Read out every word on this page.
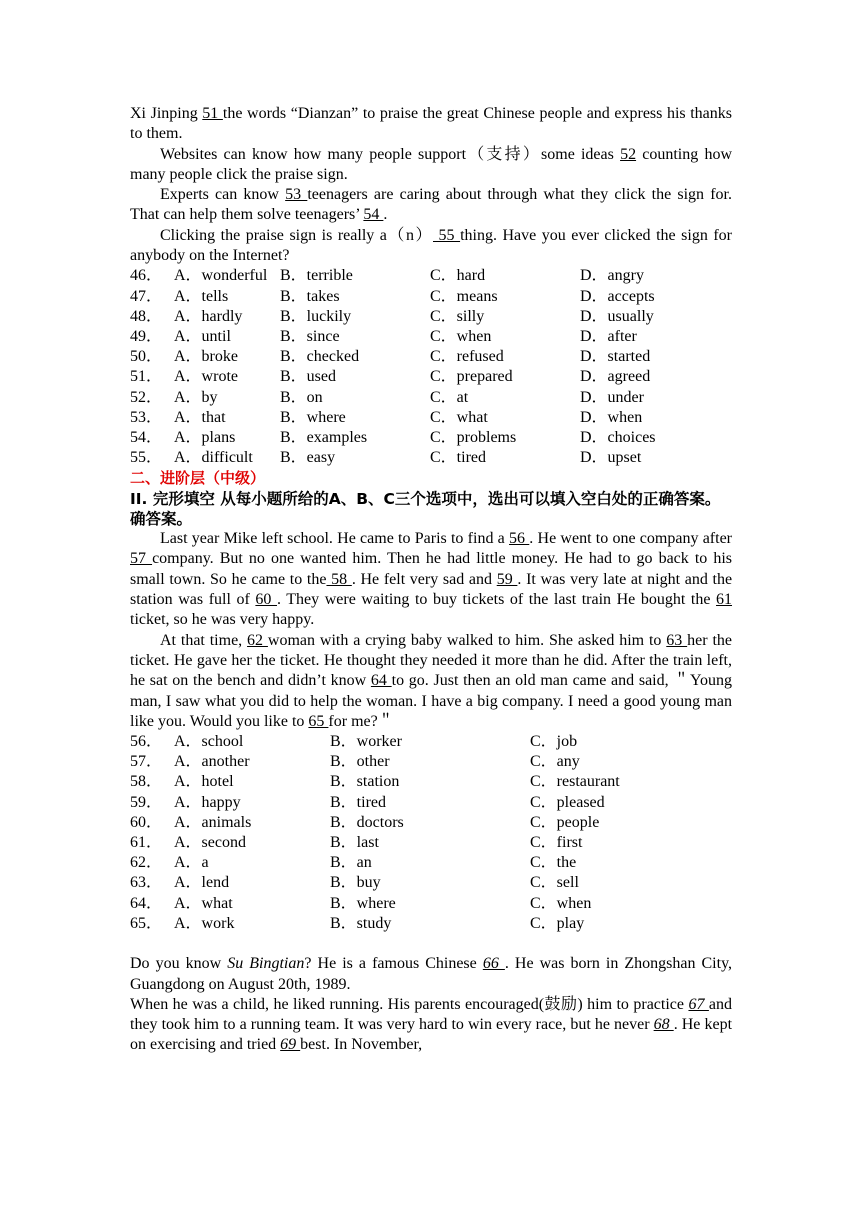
Xi Jinping 51 the words “Dianzan” to praise the great Chinese people and express his thanks to them.

Websites can know how many people support（支持）some ideas 52 counting how many people click the praise sign.

Experts can know 53 teenagers are caring about through what they click the sign for. That can help them solve teenagers’ 54 .

Clicking the praise sign is really a（n） 55 thing. Have you ever clicked the sign for anybody on the Internet?

46． A．wonderful B．terrible	C．hard	D．angry
47． A．tells	B．takes	C．means	D．accepts
48． A．hardly	B．luckily	C．silly	D．usually
49． A．until	B．since	C．when	D．after
50． A．broke	B．checked	C．refused	D．started
51． A．wrote	B．used	C．prepared	D．agreed
52． A．by	B．on	C．at	D．under
53． A．that	B．where	C．what	D．when
54． A．plans	B．examples	C．problems	D．choices
55． A．difficult	B．easy	C．tired	D．upset
二、进阶层（中级）

II. 完形填空 从每小题所给的A、B、C三个选项中，选出可以填入空白处的正确答案。

确答案。

Last year Mike left school. He came to Paris to find a 56 . He went to one company after 57 company. But no one wanted him. Then he had little money. He had to go back to his small town. So he came to the 58 . He felt very sad and 59 . It was very late at night and the station was full of 60 . They were waiting to buy tickets of the last train He bought the 61 ticket, so he was very happy.

At that time, 62 woman with a crying baby walked to him. She asked him to 63 her the ticket. He gave her the ticket. He thought they needed it more than he did. After the train left, he sat on the bench and didn’t know 64 to go. Just then an old man came and said, ＂Young man, I saw what you did to help the woman. I have a big company. I need a good young man like you. Would you like to 65 for me?＂

56． A．school	B．worker	C．job
57． A．another	B．other	C．any
58． A．hotel	B．station	C．restaurant
59． A．happy	B．tired	C．pleased
60． A．animals	B．doctors	C．people
61． A．second	B．last	C．first
62． A．a	B．an	C．the
63． A．lend	B．buy	C．sell
64． A．what	B．where	C．when
65． A．work	B．study	C．play

Do you know Su Bingtian? He is a famous Chinese 66 . He was born in Zhongshan City, Guangdong on August 20th, 1989.

When he was a child, he liked running. His parents encouraged(鼓励) him to practice 67 and they took him to a running team. It was very hard to win every race, but he never 68 . He kept on exercising and tried 69 best. In November,
